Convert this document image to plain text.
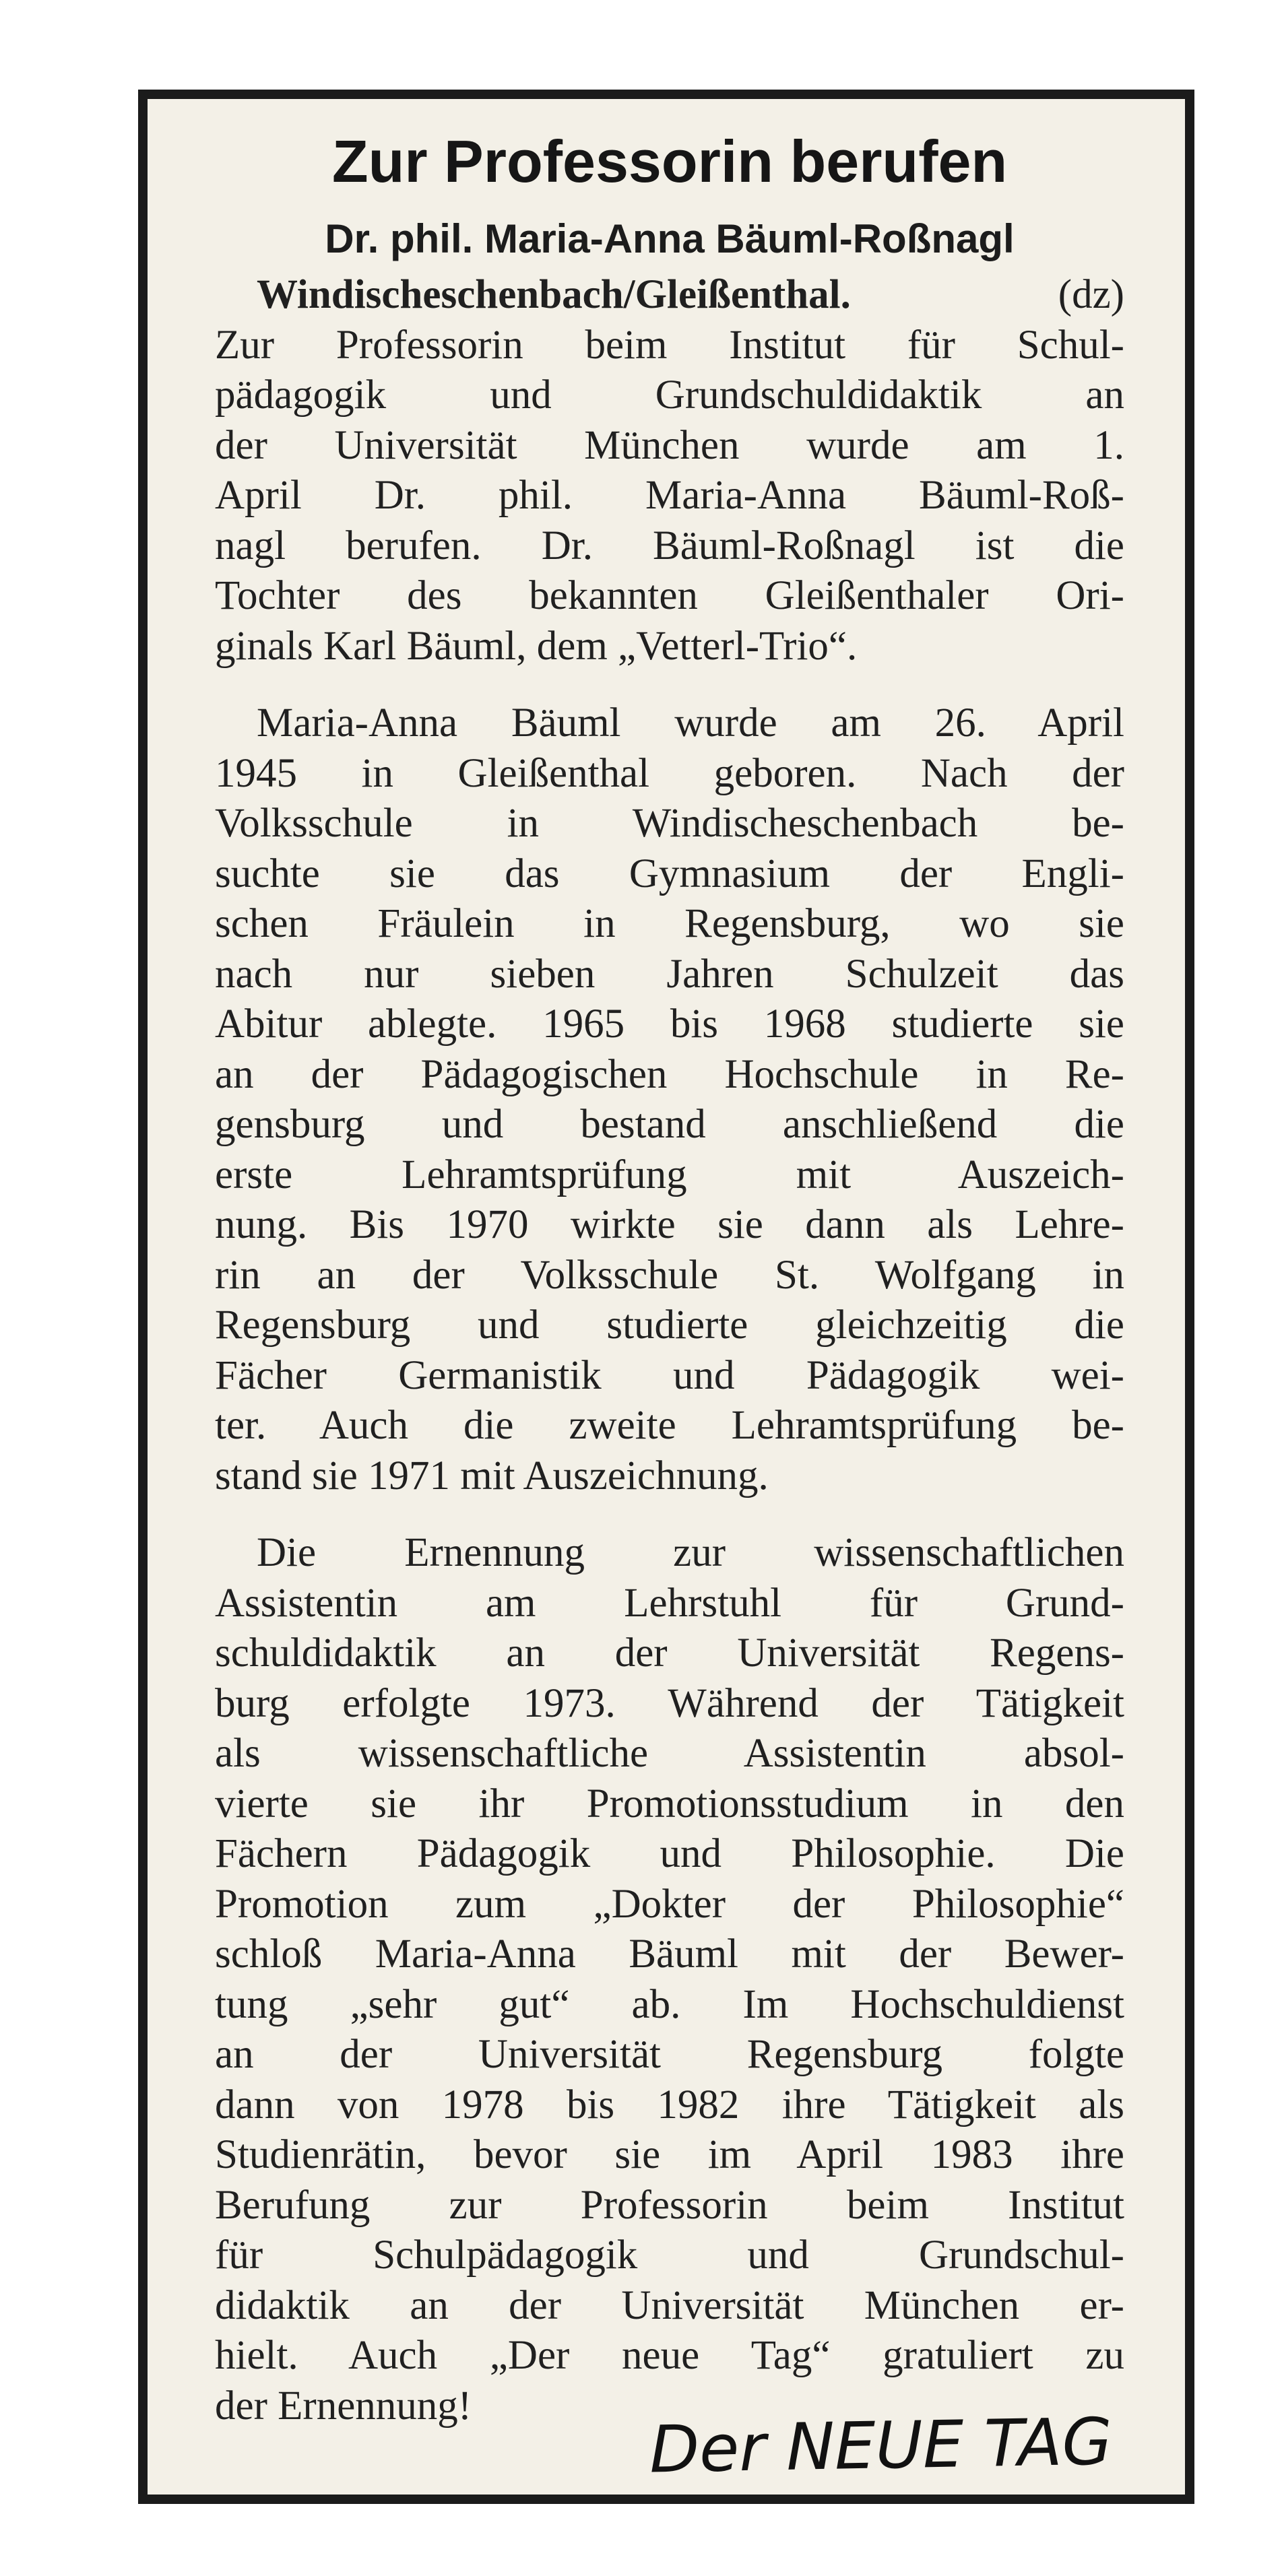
Zur Professorin berufen
Dr. phil. Maria-Anna Bäuml-Roßnagl
Windischeschenbach/Gleißenthal.	(dz)
Zur Professorin beim Institut für Schul-
pädagogik und Grundschuldidaktik an
der Universität München wurde am 1.
April Dr. phil. Maria-Anna Bäuml-Roß-
nagl berufen. Dr. Bäuml-Roßnagl ist die
Tochter des bekannten Gleißenthaler Ori-
ginals Karl Bäuml, dem „Vetterl-Trio“.
Maria-Anna Bäuml wurde am 26. April
1945 in Gleißenthal geboren. Nach der
Volksschule in Windischeschenbach be-
suchte sie das Gymnasium der Engli-
schen Fräulein in Regensburg, wo sie
nach nur sieben Jahren Schulzeit das
Abitur ablegte. 1965 bis 1968 studierte sie
an der Pädagogischen Hochschule in Re-
gensburg und bestand anschließend die
erste Lehramtsprüfung mit Auszeich-
nung. Bis 1970 wirkte sie dann als Lehre-
rin an der Volksschule St. Wolfgang in
Regensburg und studierte gleichzeitig die
Fächer Germanistik und Pädagogik wei-
ter. Auch die zweite Lehramtsprüfung be-
stand sie 1971 mit Auszeichnung.
Die Ernennung zur wissenschaftlichen
Assistentin am Lehrstuhl für Grund-
schuldidaktik an der Universität Regens-
burg erfolgte 1973. Während der Tätigkeit
als wissenschaftliche Assistentin absol-
vierte sie ihr Promotionsstudium in den
Fächern Pädagogik und Philosophie. Die
Promotion zum „Dokter der Philosophie“
schloß Maria-Anna Bäuml mit der Bewer-
tung „sehr gut“ ab. Im Hochschuldienst
an der Universität Regensburg folgte
dann von 1978 bis 1982 ihre Tätigkeit als
Studienrätin, bevor sie im April 1983 ihre
Berufung zur Professorin beim Institut
für Schulpädagogik und Grundschul-
didaktik an der Universität München er-
hielt. Auch „Der neue Tag“ gratuliert zu
der Ernennung!	Der NEUE TAG
